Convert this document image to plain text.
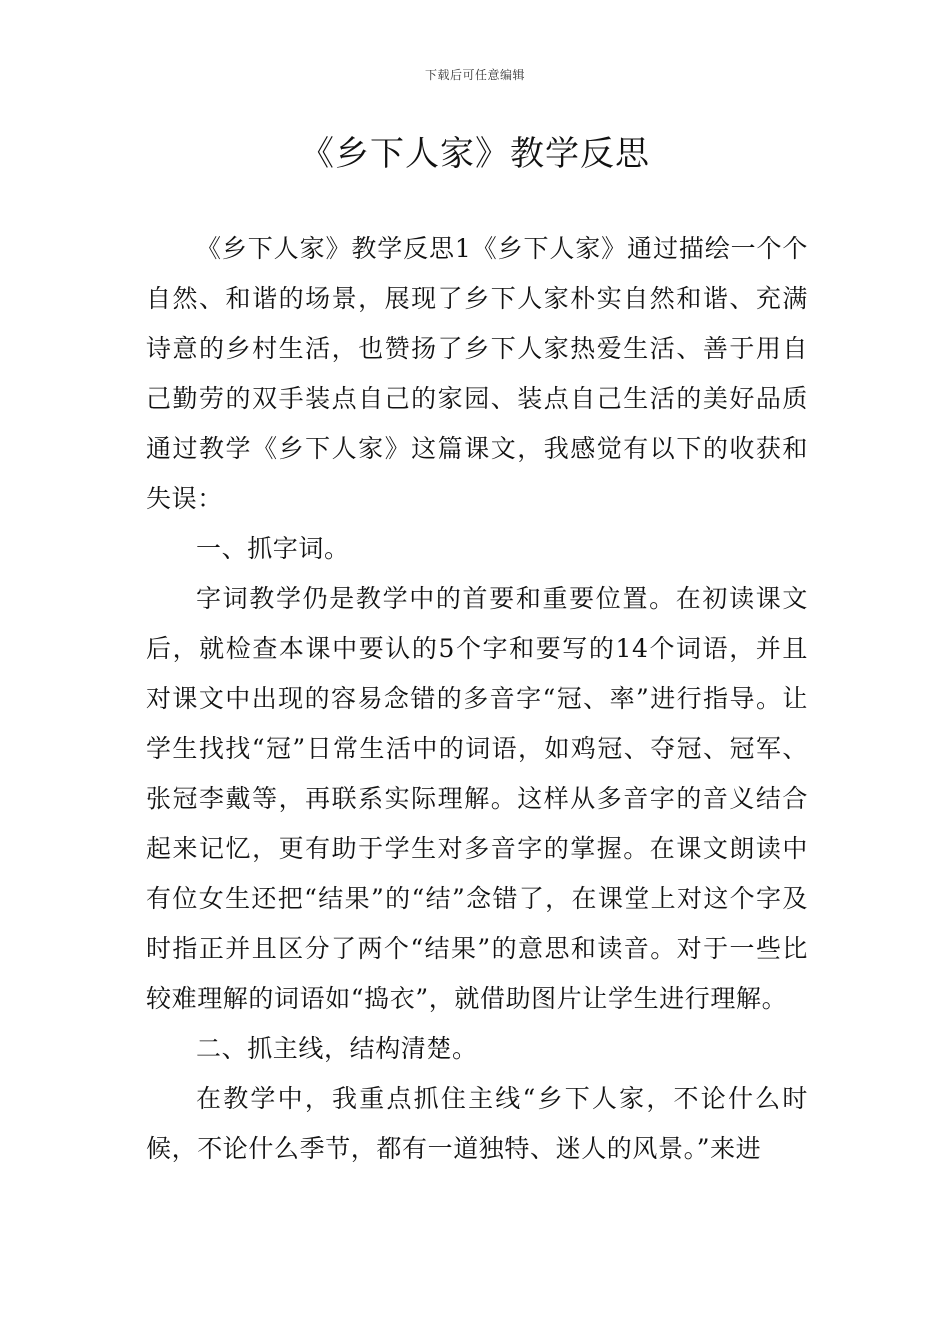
下载后可任意编辑
《乡下人家》教学反思

《乡下人家》教学反思1《乡下人家》通过描绘一个个自然、和谐的场景，展现了乡下人家朴实自然和谐、充满诗意的乡村生活，也赞扬了乡下人家热爱生活、善于用自己勤劳的双手装点自己的家园、装点自己生活的美好品质通过教学《乡下人家》这篇课文，我感觉有以下的收获和失误：

一、抓字词。

字词教学仍是教学中的首要和重要位置。在初读课文后，就检查本课中要认的5个字和要写的14个词语，并且对课文中出现的容易念错的多音字“冠、率”进行指导。让学生找找“冠”日常生活中的词语，如鸡冠、夺冠、冠军、张冠李戴等，再联系实际理解。这样从多音字的音义结合起来记忆，更有助于学生对多音字的掌握。在课文朗读中有位女生还把“结果”的“结”念错了，在课堂上对这个字及时指正并且区分了两个“结果”的意思和读音。对于一些比较难理解的词语如“捣衣”，就借助图片让学生进行理解。

二、抓主线，结构清楚。

在教学中，我重点抓住主线“乡下人家，不论什么时候，不论什么季节，都有一道独特、迷人的风景。”来进
